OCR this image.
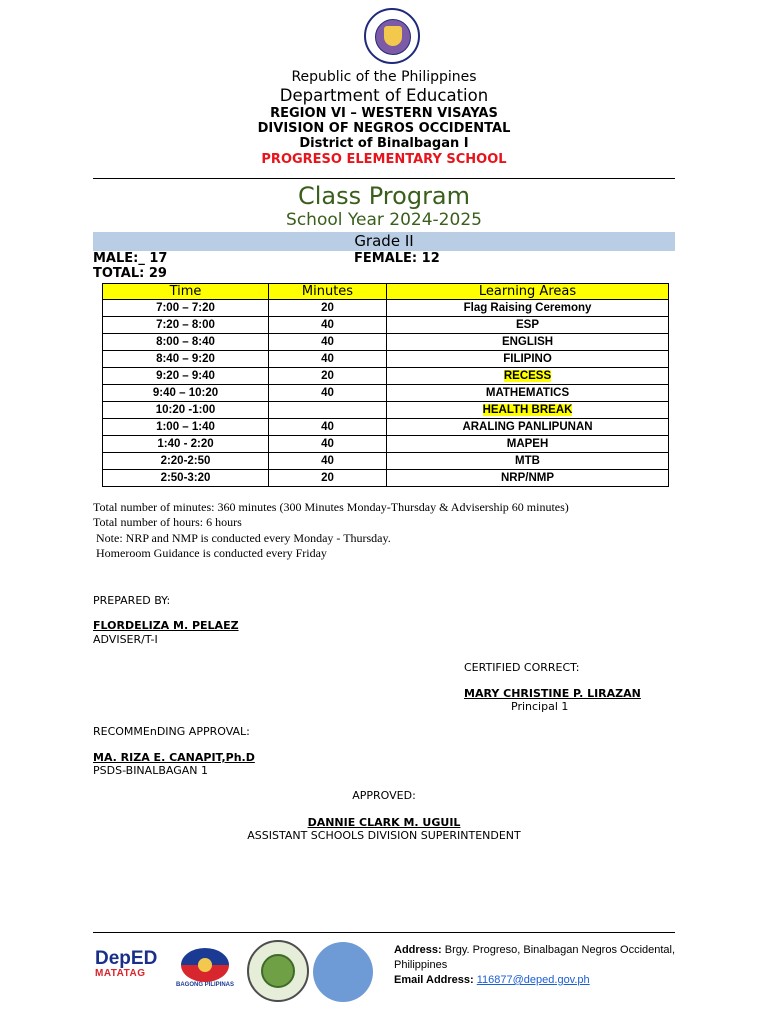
Republic of the Philippines
Department of Education
REGION VI – WESTERN VISAYAS
DIVISION OF NEGROS OCCIDENTAL
District of Binalbagan I
PROGRESO ELEMENTARY SCHOOL
Class Program
School Year 2024-2025
Grade II
MALE:_ 17	FEMALE: 12
TOTAL: 29
Time	Minutes	Learning Areas
7:00 – 7:20	20	Flag Raising Ceremony
7:20 – 8:00	40	ESP
8:00 – 8:40	40	ENGLISH
8:40 – 9:20	40	FILIPINO
9:20 – 9:40	20	RECESS
9:40 – 10:20	40	MATHEMATICS
10:20 -1:00		HEALTH BREAK
1:00 – 1:40	40	ARALING PANLIPUNAN
1:40 - 2:20	40	MAPEH
2:20-2:50	40	MTB
2:50-3:20	20	NRP/NMP
Total number of minutes: 360 minutes (300 Minutes Monday-Thursday & Advisership 60 minutes)
Total number of hours: 6 hours
Note: NRP and NMP is conducted every Monday - Thursday.
Homeroom Guidance is conducted every Friday
PREPARED BY:
FLORDELIZA M. PELAEZ
ADVISER/T-I
CERTIFIED CORRECT:
MARY CHRISTINE P. LIRAZAN
Principal 1
RECOMMEnDING APPROVAL:
MA. RIZA E. CANAPIT,Ph.D
PSDS-BINALBAGAN 1
APPROVED:
DANNIE CLARK M. UGUIL
ASSISTANT SCHOOLS DIVISION SUPERINTENDENT
DepED
MATATAG
BAGONG PILIPINAS
Address: Brgy. Progreso, Binalbagan Negros Occidental, Philippines
Email Address: 116877@deped.gov.ph
